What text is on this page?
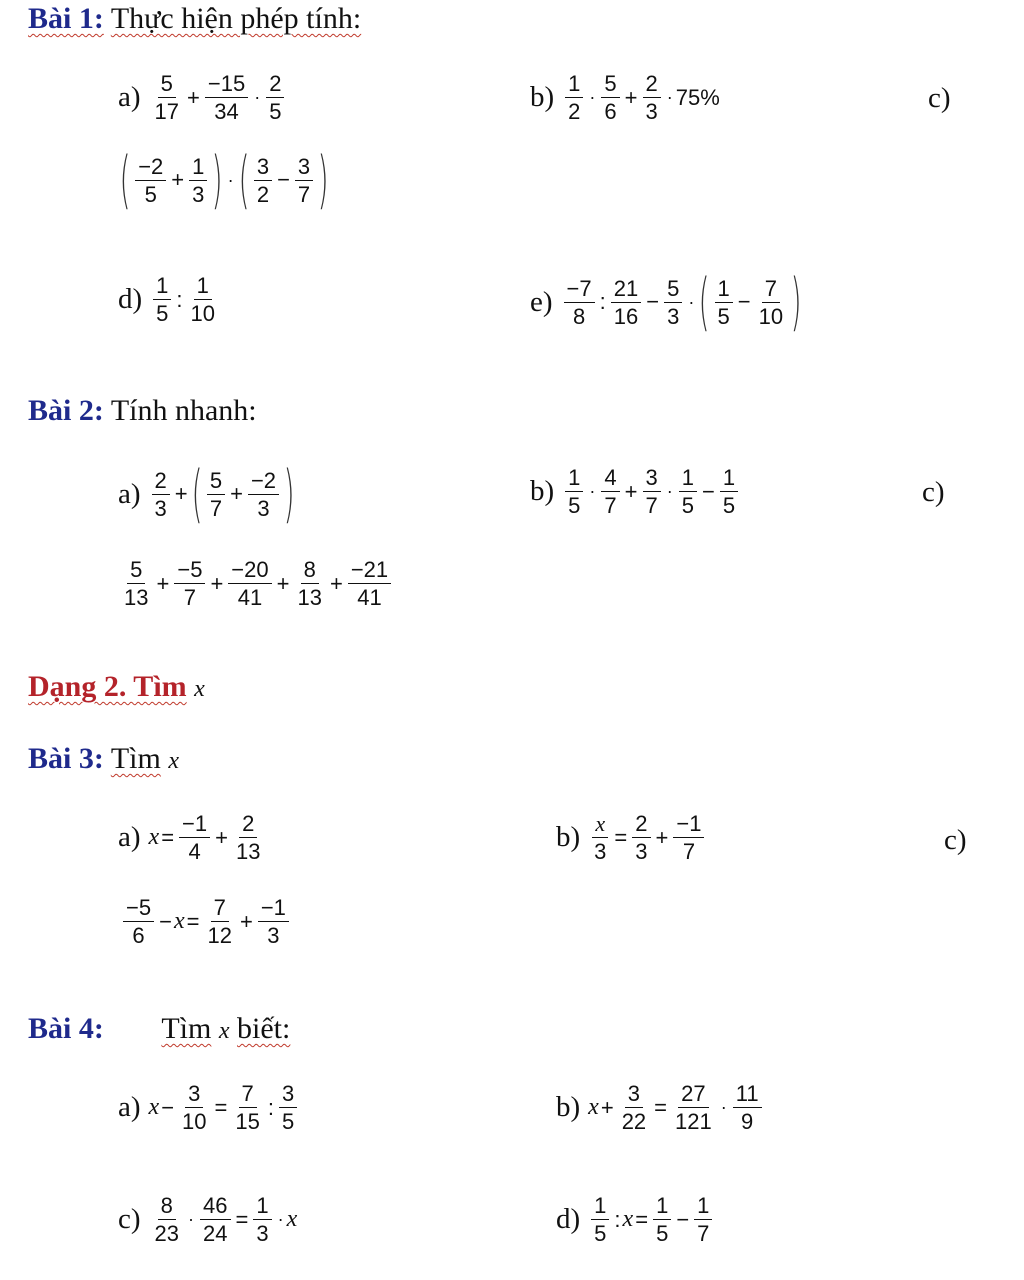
Bài 1: Thực hiện phép tính:
Bài 2: Tính nhanh:
Dạng 2. Tìm x
Bài 3: Tìm x
Bài 4: Tìm x biết:
$a) \frac{5}{17} + \frac{-15}{34} \cdot \frac{2}{5}$	$b) \frac{1}{2} \cdot \frac{5}{6} + \frac{2}{3} \cdot 75\%$	c)
( $\frac{-2}{5} + \frac{1}{3}$ ) · ( $\frac{3}{2} - \frac{3}{7}$ )
$d) \frac{1}{5}$ : $\frac{1}{10}$	$e) \frac{-7}{8}$ : $\frac{21}{16} - \frac{5}{3}$ · ( $\frac{1}{5} - \frac{7}{10}$ )
$a) \frac{2}{3}$ + ( $\frac{5}{7} + \frac{-2}{3}$ )	$b) \frac{1}{5} \cdot \frac{4}{7} + \frac{3}{7} \cdot \frac{1}{5} - \frac{1}{5}$	c)
$\frac{5}{13} + \frac{-5}{7} + \frac{-20}{41} + \frac{8}{13} + \frac{-21}{41}$
a) $x = \frac{-1}{4} + \frac{2}{13}$	$b) \frac{x}{3} = \frac{2}{3} + \frac{-1}{7}$	c)
$\frac{-5}{6} - x = \frac{7}{12} + \frac{-1}{3}$
a) $x - \frac{3}{10} = \frac{7}{15}$ : $\frac{3}{5}$	b) $x + \frac{3}{22} = \frac{27}{121} \cdot \frac{11}{9}$
$c) \frac{8}{23} \cdot \frac{46}{24} = \frac{1}{3} \cdot x$	$d) \frac{1}{5}$ : $x = \frac{1}{5} - \frac{1}{7}$
